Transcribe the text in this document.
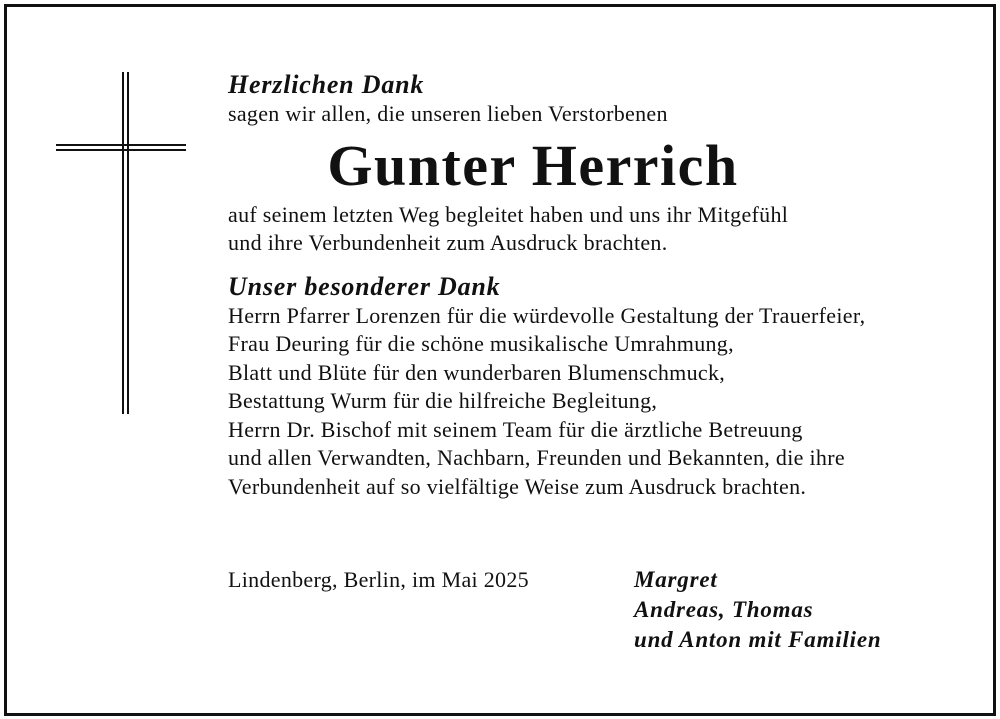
Herzlichen Dank

sagen wir allen, die unseren lieben Verstorbenen

Gunter Herrich

auf seinem letzten Weg begleitet haben und uns ihr Mitgefühl

und ihre Verbundenheit zum Ausdruck brachten.

Unser besonderer Dank

Herrn Pfarrer Lorenzen für die würdevolle Gestaltung der Trauerfeier,

Frau Deuring für die schöne musikalische Umrahmung,

Blatt und Blüte für den wunderbaren Blumenschmuck,

Bestattung Wurm für die hilfreiche Begleitung,

Herrn Dr. Bischof mit seinem Team für die ärztliche Betreuung

und allen Verwandten, Nachbarn, Freunden und Bekannten, die ihre

Verbundenheit auf so vielfältige Weise zum Ausdruck brachten.

Lindenberg, Berlin, im Mai 2025	Margret

Andreas, Thomas

und Anton mit Familien
